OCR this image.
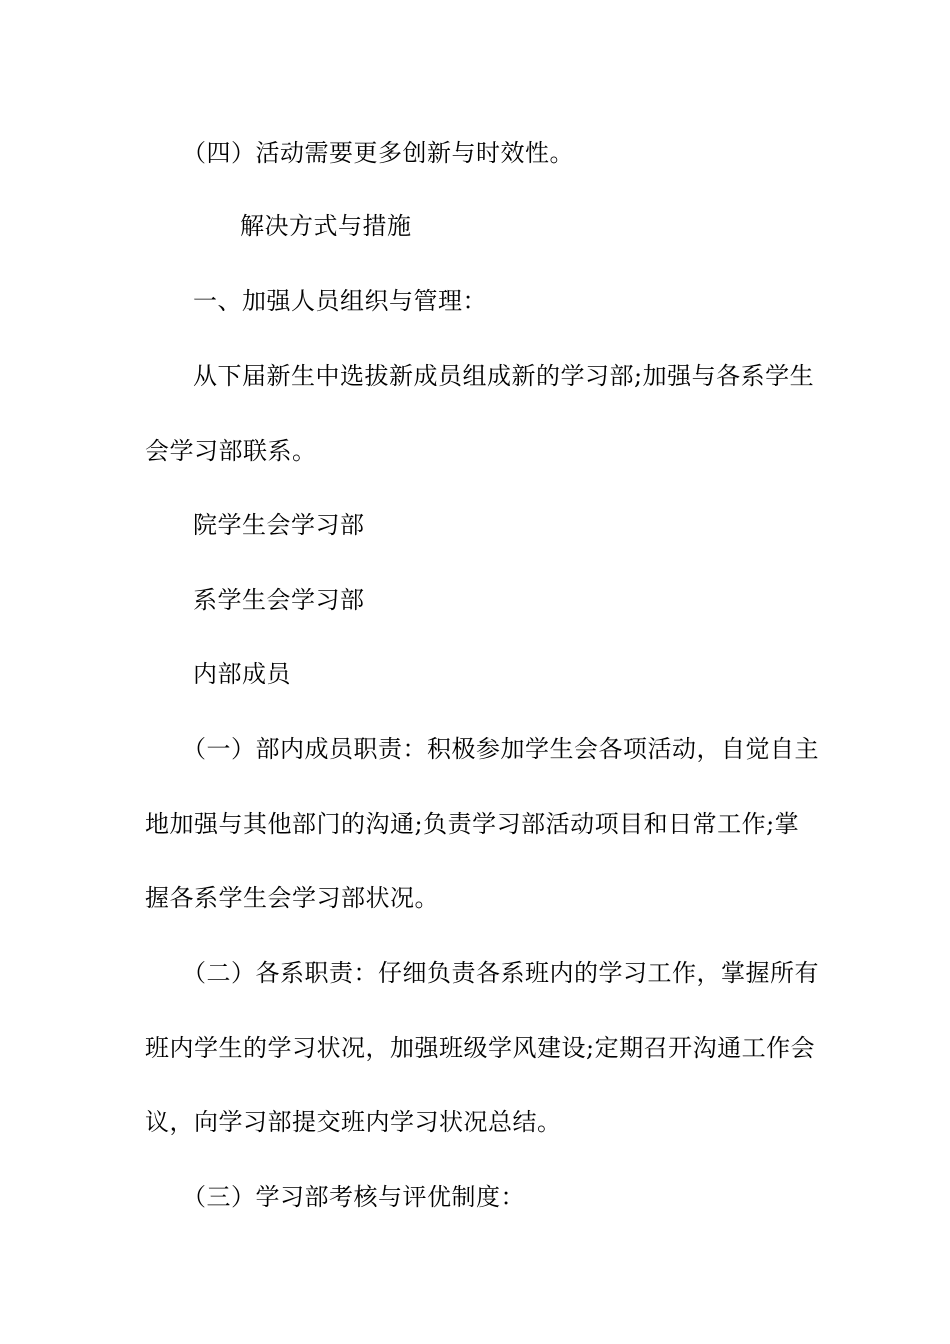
（四）活动需要更多创新与时效性。
解决方式与措施
一、加强人员组织与管理：
从下届新生中选拔新成员组成新的学习部;加强与各系学生
会学习部联系。
院学生会学习部
系学生会学习部
内部成员
（一）部内成员职责：积极参加学生会各项活动，自觉自主
地加强与其他部门的沟通;负责学习部活动项目和日常工作;掌
握各系学生会学习部状况。
（二）各系职责：仔细负责各系班内的学习工作，掌握所有
班内学生的学习状况，加强班级学风建设;定期召开沟通工作会
议，向学习部提交班内学习状况总结。
（三）学习部考核与评优制度：
